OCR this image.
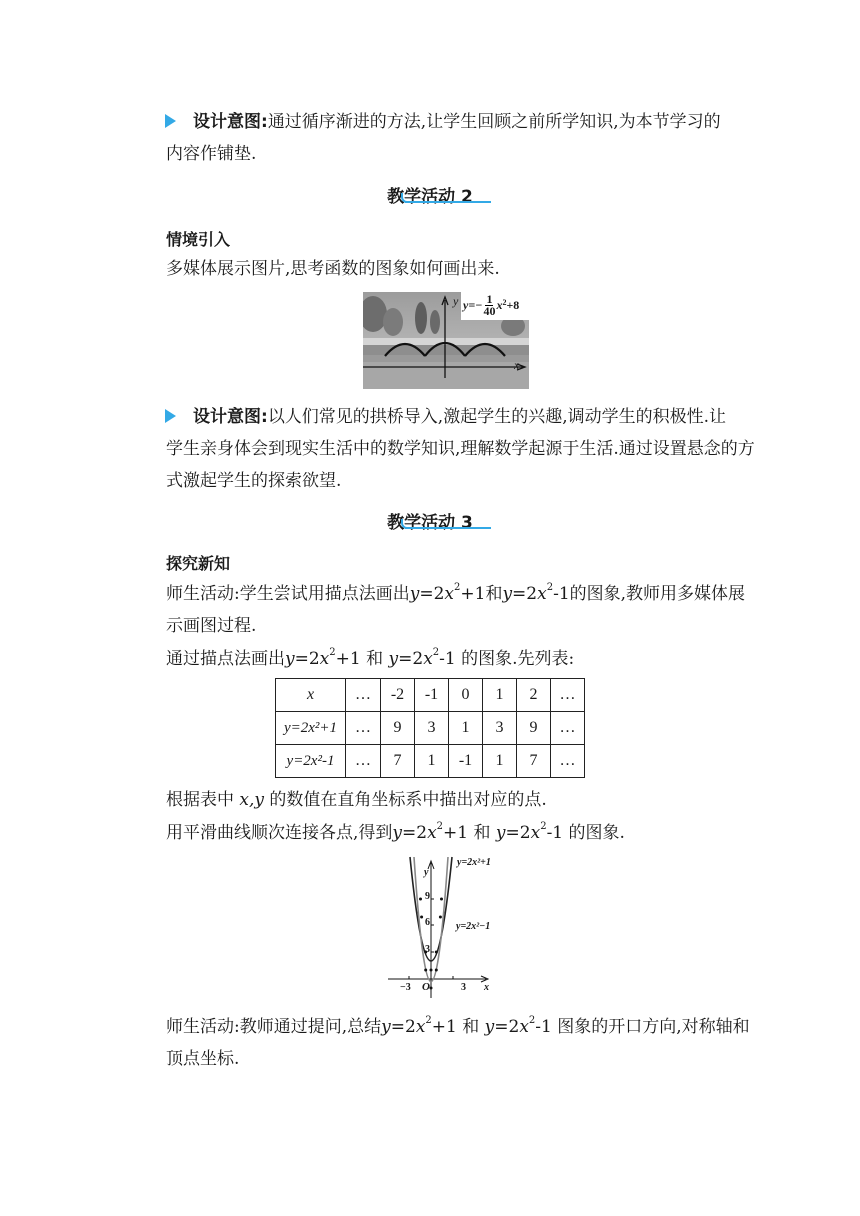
设计意图:通过循序渐进的方法,让学生回顾之前所学知识,为本节学习的
内容作铺垫.
教学活动 2
情境引入
多媒体展示图片,思考函数的图象如何画出来.
y
x
$y=- \frac{1}{40} x^2 +8$
设计意图:以人们常见的拱桥导入,激起学生的兴趣,调动学生的积极性.让
学生亲身体会到现实生活中的数学知识,理解数学起源于生活.通过设置悬念的方
式激起学生的探索欲望.
教学活动 3
探究新知
师生活动:学生尝试用描点法画出$y=2x^2+1$和$y=2x^2-1$的图象,教师用多媒体展
示画图过程.
通过描点法画出$y=2x^2+1$ 和 $y=2x^2-1$ 的图象.先列表:
x	…	-2	-1	0	1	2	…
y=2x²+1	…	9	3	1	3	9	…
y=2x²-1	…	7	1	-1	1	7	…
根据表中 x,y 的数值在直角坐标系中描出对应的点.
用平滑曲线顺次连接各点,得到$y=2x^2+1$ 和 $y=2x^2-1$ 的图象.
y=2x²+1
y=2x²−1
y
x
O
9
6
3
−3	3
师生活动:教师通过提问,总结$y=2x^2+1$ 和 $y=2x^2-1$ 图象的开口方向,对称轴和
顶点坐标.
